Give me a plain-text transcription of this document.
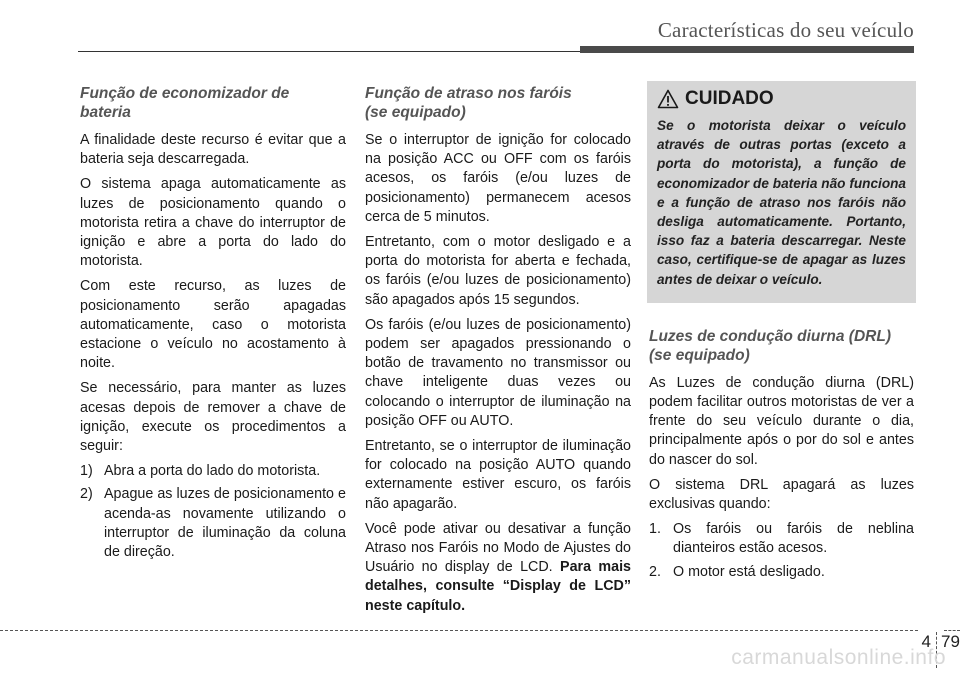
Características do seu veículo
Função de economizador de
bateria

A finalidade deste recurso é evitar que a bateria seja descarregada.

O sistema apaga automaticamente as luzes de posicionamento quando o motorista retira a chave do interruptor de ignição e abre a porta do lado do motorista.

Com este recurso, as luzes de posicionamento serão apagadas automaticamente, caso o motorista estacione o veículo no acostamento à noite.

Se necessário, para manter as luzes acesas depois de remover a chave de ignição, execute os procedimentos a seguir:

1) Abra a porta do lado do motorista.
2) Apague as luzes de posicionamento e acenda-as novamente utilizando o interruptor de iluminação da coluna de direção.
Função de atraso nos faróis
(se equipado)

Se o interruptor de ignição for colocado na posição ACC ou OFF com os faróis acesos, os faróis (e/ou luzes de posicionamento) permanecem acesos cerca de 5 minutos.

Entretanto, com o motor desligado e a porta do motorista for aberta e fechada, os faróis (e/ou luzes de posicionamento) são apagados após 15 segundos.

Os faróis (e/ou luzes de posicionamento) podem ser apagados pressionando o botão de travamento no transmissor ou chave inteligente duas vezes ou colocando o interruptor de iluminação na posição OFF ou AUTO.

Entretanto, se o interruptor de iluminação for colocado na posição AUTO quando externamente estiver escuro, os faróis não apagarão.

Você pode ativar ou desativar a função Atraso nos Faróis no Modo de Ajustes do Usuário no display de LCD. Para mais detalhes, consulte “Display de LCD” neste capítulo.

CUIDADO

Se o motorista deixar o veículo através de outras portas (exceto a porta do motorista), a função de economizador de bateria não funciona e a função de atraso nos faróis não desliga automaticamente. Portanto, isso faz a bateria descarregar. Neste caso, certifique-se de apagar as luzes antes de deixar o veículo.

Luzes de condução diurna (DRL)
(se equipado)

As Luzes de condução diurna (DRL) podem facilitar outros motoristas de ver a frente do seu veículo durante o dia, principalmente após o por do sol e antes do nascer do sol.

O sistema DRL apagará as luzes exclusivas quando:

1. Os faróis ou faróis de neblina dianteiros estão acesos.
2. O motor está desligado.
4 79
carmanualsonline.info
